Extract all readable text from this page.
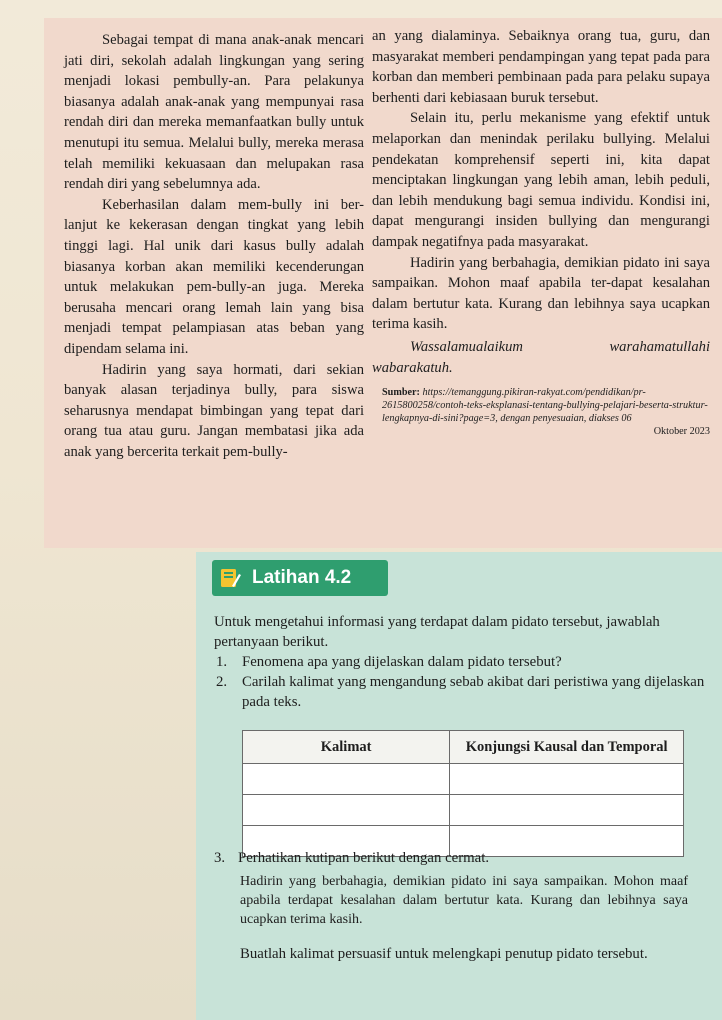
Sebagai tempat di mana anak-anak mencari jati diri, sekolah adalah lingkungan yang sering menjadi lokasi pembully-an. Para pelakunya biasanya adalah anak-anak yang mempunyai rasa rendah diri dan mereka memanfaatkan bully untuk menutupi itu semua. Melalui bully, mereka merasa telah memiliki kekuasaan dan melupakan rasa rendah diri yang sebelumnya ada.

Keberhasilan dalam mem-bully ini ber-lanjut ke kekerasan dengan tingkat yang lebih tinggi lagi. Hal unik dari kasus bully adalah biasanya korban akan memiliki kecenderungan untuk melakukan pem-bully-an juga. Mereka berusaha mencari orang lemah lain yang bisa menjadi tempat pelampiasan atas beban yang dipendam selama ini.

Hadirin yang saya hormati, dari sekian banyak alasan terjadinya bully, para siswa seharusnya mendapat bimbingan yang tepat dari orang tua atau guru. Jangan membatasi jika ada anak yang bercerita terkait pem-bully-

an yang dialaminya. Sebaiknya orang tua, guru, dan masyarakat memberi pendampingan yang tepat pada para korban dan memberi pembinaan pada para pelaku supaya berhenti dari kebiasaan buruk tersebut.

Selain itu, perlu mekanisme yang efektif untuk melaporkan dan menindak perilaku bullying. Melalui pendekatan komprehensif seperti ini, kita dapat menciptakan lingkungan yang lebih aman, lebih peduli, dan lebih mendukung bagi semua individu. Kondisi ini, dapat mengurangi insiden bullying dan mengurangi dampak negatifnya pada masyarakat.

Hadirin yang berbahagia, demikian pidato ini saya sampaikan. Mohon maaf apabila ter-dapat kesalahan dalam bertutur kata. Kurang dan lebihnya saya ucapkan terima kasih.

Wassalamualaikum warahamatullahi wabarakatuh.

Sumber: https://temanggung.pikiran-rakyat.com/pendidikan/pr-2615800258/contoh-teks-eksplanasi-tentang-bullying-pelajari-beserta-struktur-lengkapnya-di-sini?page=3, dengan penyesuaian, diakses 06
Oktober 2023

Latihan 4.2

Untuk mengetahui informasi yang terdapat dalam pidato tersebut, jawablah pertanyaan berikut.

1. Fenomena apa yang dijelaskan dalam pidato tersebut?

2. Carilah kalimat yang mengandung sebab akibat dari peristiwa yang dijelaskan pada teks.

Kalimat	Konjungsi Kausal dan Temporal

3. Perhatikan kutipan berikut dengan cermat.
Hadirin yang berbahagia, demikian pidato ini saya sampaikan. Mohon maaf apabila terdapat kesalahan dalam bertutur kata. Kurang dan lebihnya saya ucapkan terima kasih.
Buatlah kalimat persuasif untuk melengkapi penutup pidato tersebut.
